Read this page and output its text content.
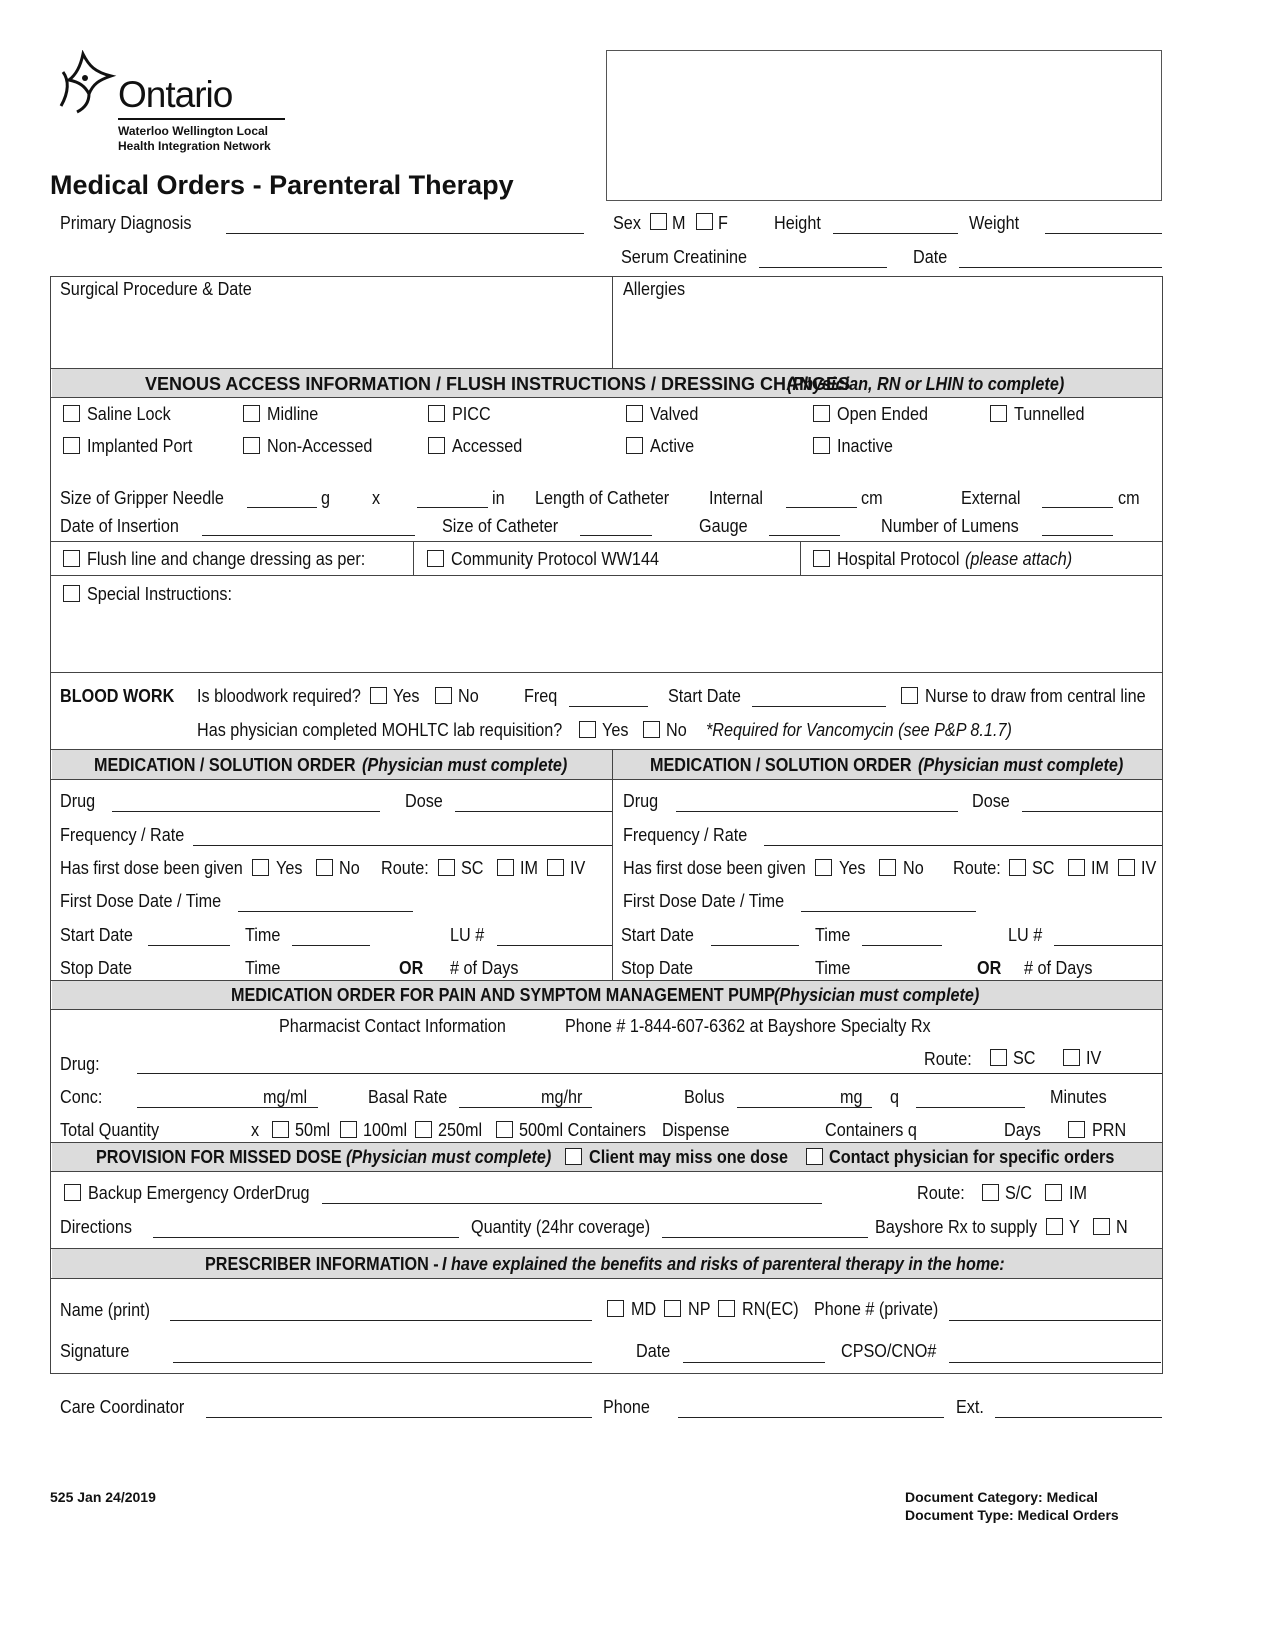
Ontario
Waterloo Wellington Local
Health Integration Network
Medical Orders - Parenteral Therapy
Primary Diagnosis	Sex M F	Height	Weight
Serum Creatinine	Date
Surgical Procedure & Date	Allergies
VENOUS ACCESS INFORMATION / FLUSH INSTRUCTIONS / DRESSING CHANGES
(Physician, RN or LHIN to complete)
Saline Lock	Midline	PICC	Valved	Open Ended	Tunnelled
Implanted Port	Non-Accessed	Accessed	Active	Inactive
Size of Gripper Needle	g x	in Length of Catheter Internal	cm	External	cm
Date of Insertion	Size of Catheter	Gauge	Number of Lumens
Flush line and change dressing as per:	Community Protocol WW144	Hospital Protocol (please attach)
Special Instructions:
BLOOD WORK Is bloodwork required? Yes No	Freq	Start Date	Nurse to draw from central line
Has physician completed MOHLTC lab requisition? Yes No *Required for Vancomycin (see P&P 8.1.7)
MEDICATION / SOLUTION ORDER (Physician must complete)	MEDICATION / SOLUTION ORDER (Physician must complete)
Drug	Dose
Frequency / Rate
Has first dose been given Yes No Route: SC IM IV
First Dose Date / Time
Start Date	Time	LU #
Stop Date	Time	OR # of Days
Drug	Dose
Frequency / Rate
Has first dose been given Yes No Route: SC IM IV
First Dose Date / Time
Start Date	Time	LU #
Stop Date	Time	OR # of Days
MEDICATION ORDER FOR PAIN AND SYMPTOM MANAGEMENT PUMP (Physician must complete)
Pharmacist Contact Information	Phone # 1-844-607-6362 at Bayshore Specialty Rx
Drug:	Route: SC	IV
Conc:	mg/ml	Basal Rate	mg/hr	Bolus	mg q	Minutes
Total Quantity	x 50ml 100ml 250ml 500ml Containers Dispense	Containers q	Days	PRN
PROVISION FOR MISSED DOSE (Physician must complete) Client may miss one dose Contact physician for specific orders
Backup Emergency OrderDrug	Route: S/C IM
Directions	Quantity (24hr coverage)	Bayshore Rx to supply Y N
PRESCRIBER INFORMATION - I have explained the benefits and risks of parenteral therapy in the home:
Name (print)	MD NP RN(EC) Phone # (private)
Signature	Date	CPSO/CNO#
Care Coordinator	Phone	Ext.
525 Jan 24/2019	Document Category: Medical
Document Type: Medical Orders
